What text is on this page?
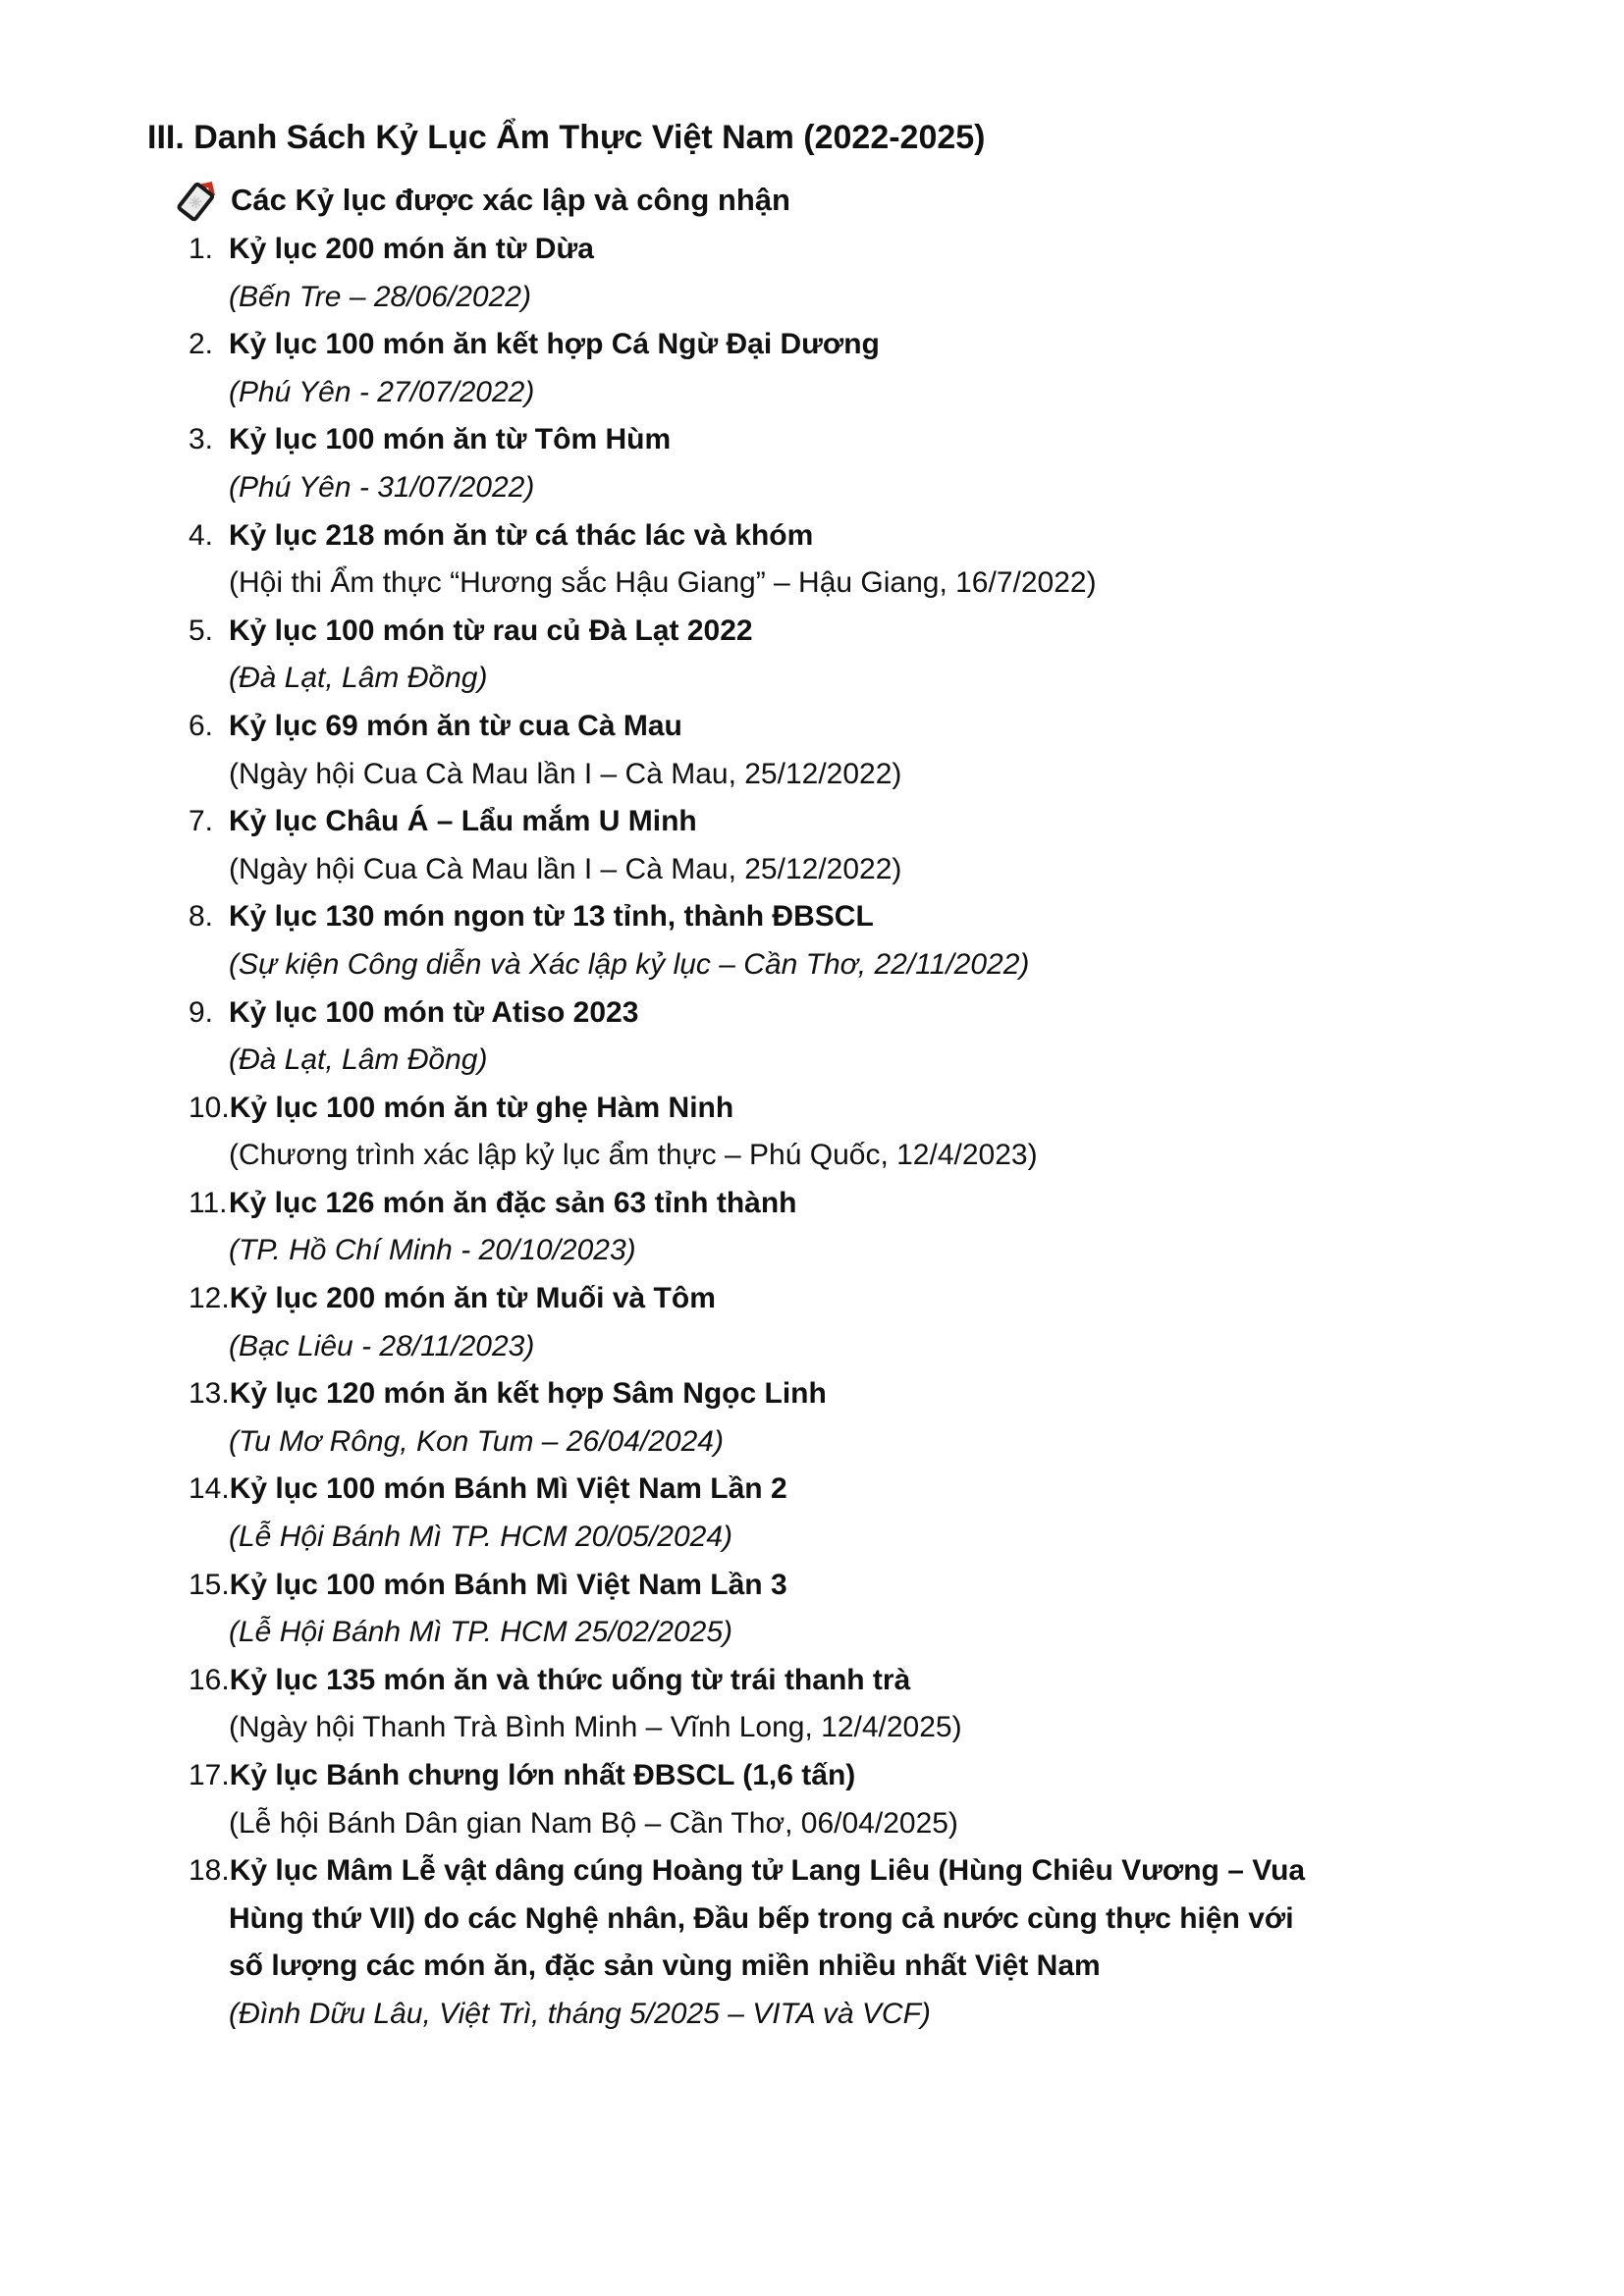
III. Danh Sách Kỷ Lục Ẩm Thực Việt Nam (2022-2025)
Các Kỷ lục được xác lập và công nhận
1. Kỷ lục 200 món ăn từ Dừa
(Bến Tre – 28/06/2022)
2. Kỷ lục 100 món ăn kết hợp Cá Ngừ Đại Dương
(Phú Yên - 27/07/2022)
3. Kỷ lục 100 món ăn từ Tôm Hùm
(Phú Yên - 31/07/2022)
4. Kỷ lục 218 món ăn từ cá thác lác và khóm
(Hội thi Ẩm thực “Hương sắc Hậu Giang” – Hậu Giang, 16/7/2022)
5. Kỷ lục 100 món từ rau củ Đà Lạt 2022
(Đà Lạt, Lâm Đồng)
6. Kỷ lục 69 món ăn từ cua Cà Mau
(Ngày hội Cua Cà Mau lần I – Cà Mau, 25/12/2022)
7. Kỷ lục Châu Á – Lẩu mắm U Minh
(Ngày hội Cua Cà Mau lần I – Cà Mau, 25/12/2022)
8. Kỷ lục 130 món ngon từ 13 tỉnh, thành ĐBSCL
(Sự kiện Công diễn và Xác lập kỷ lục – Cần Thơ, 22/11/2022)
9. Kỷ lục 100 món từ Atiso 2023
(Đà Lạt, Lâm Đồng)
10.Kỷ lục 100 món ăn từ ghẹ Hàm Ninh
(Chương trình xác lập kỷ lục ẩm thực – Phú Quốc, 12/4/2023)
11.Kỷ lục 126 món ăn đặc sản 63 tỉnh thành
(TP. Hồ Chí Minh - 20/10/2023)
12.Kỷ lục 200 món ăn từ Muối và Tôm
(Bạc Liêu - 28/11/2023)
13.Kỷ lục 120 món ăn kết hợp Sâm Ngọc Linh
(Tu Mơ Rông, Kon Tum – 26/04/2024)
14.Kỷ lục 100 món Bánh Mì Việt Nam Lần 2
(Lễ Hội Bánh Mì TP. HCM 20/05/2024)
15.Kỷ lục 100 món Bánh Mì Việt Nam Lần 3
(Lễ Hội Bánh Mì TP. HCM 25/02/2025)
16.Kỷ lục 135 món ăn và thức uống từ trái thanh trà
(Ngày hội Thanh Trà Bình Minh – Vĩnh Long, 12/4/2025)
17.Kỷ lục Bánh chưng lớn nhất ĐBSCL (1,6 tấn)
(Lễ hội Bánh Dân gian Nam Bộ – Cần Thơ, 06/04/2025)
18.Kỷ lục Mâm Lễ vật dâng cúng Hoàng tử Lang Liêu (Hùng Chiêu Vương – Vua
Hùng thứ VII) do các Nghệ nhân, Đầu bếp trong cả nước cùng thực hiện với
số lượng các món ăn, đặc sản vùng miền nhiều nhất Việt Nam
(Đình Dữu Lâu, Việt Trì, tháng 5/2025 – VITA và VCF)
